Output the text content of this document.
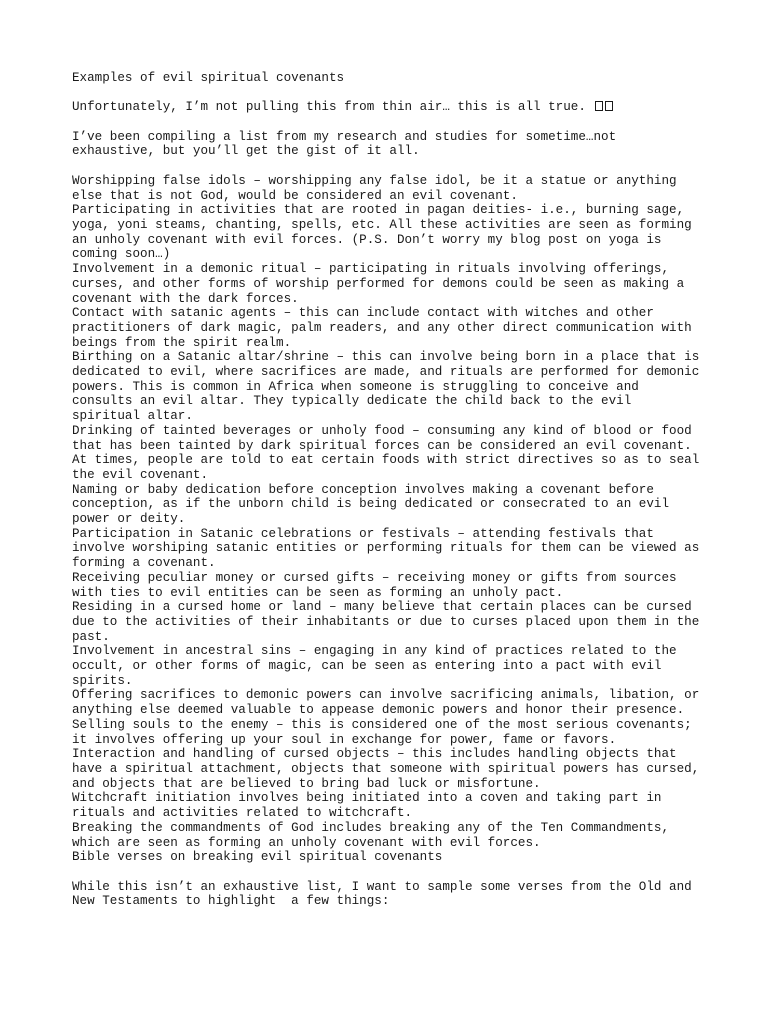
Examples of evil spiritual covenants
Unfortunately, I’m not pulling this from thin air… this is all true.
I’ve been compiling a list from my research and studies for sometime…not
exhaustive, but you’ll get the gist of it all.
Worshipping false idols – worshipping any false idol, be it a statue or anything
else that is not God, would be considered an evil covenant.
Participating in activities that are rooted in pagan deities- i.e., burning sage,
yoga, yoni steams, chanting, spells, etc. All these activities are seen as forming
an unholy covenant with evil forces. (P.S. Don’t worry my blog post on yoga is
coming soon…)
Involvement in a demonic ritual – participating in rituals involving offerings,
curses, and other forms of worship performed for demons could be seen as making a
covenant with the dark forces.
Contact with satanic agents – this can include contact with witches and other
practitioners of dark magic, palm readers, and any other direct communication with
beings from the spirit realm.
Birthing on a Satanic altar/shrine – this can involve being born in a place that is
dedicated to evil, where sacrifices are made, and rituals are performed for demonic
powers. This is common in Africa when someone is struggling to conceive and
consults an evil altar. They typically dedicate the child back to the evil
spiritual altar.
Drinking of tainted beverages or unholy food – consuming any kind of blood or food
that has been tainted by dark spiritual forces can be considered an evil covenant.
At times, people are told to eat certain foods with strict directives so as to seal
the evil covenant.
Naming or baby dedication before conception involves making a covenant before
conception, as if the unborn child is being dedicated or consecrated to an evil
power or deity.
Participation in Satanic celebrations or festivals – attending festivals that
involve worshiping satanic entities or performing rituals for them can be viewed as
forming a covenant.
Receiving peculiar money or cursed gifts – receiving money or gifts from sources
with ties to evil entities can be seen as forming an unholy pact.
Residing in a cursed home or land – many believe that certain places can be cursed
due to the activities of their inhabitants or due to curses placed upon them in the
past.
Involvement in ancestral sins – engaging in any kind of practices related to the
occult, or other forms of magic, can be seen as entering into a pact with evil
spirits.
Offering sacrifices to demonic powers can involve sacrificing animals, libation, or
anything else deemed valuable to appease demonic powers and honor their presence.
Selling souls to the enemy – this is considered one of the most serious covenants;
it involves offering up your soul in exchange for power, fame or favors.
Interaction and handling of cursed objects – this includes handling objects that
have a spiritual attachment, objects that someone with spiritual powers has cursed,
and objects that are believed to bring bad luck or misfortune.
Witchcraft initiation involves being initiated into a coven and taking part in
rituals and activities related to witchcraft.
Breaking the commandments of God includes breaking any of the Ten Commandments,
which are seen as forming an unholy covenant with evil forces.
Bible verses on breaking evil spiritual covenants
While this isn’t an exhaustive list, I want to sample some verses from the Old and
New Testaments to highlight  a few things:
